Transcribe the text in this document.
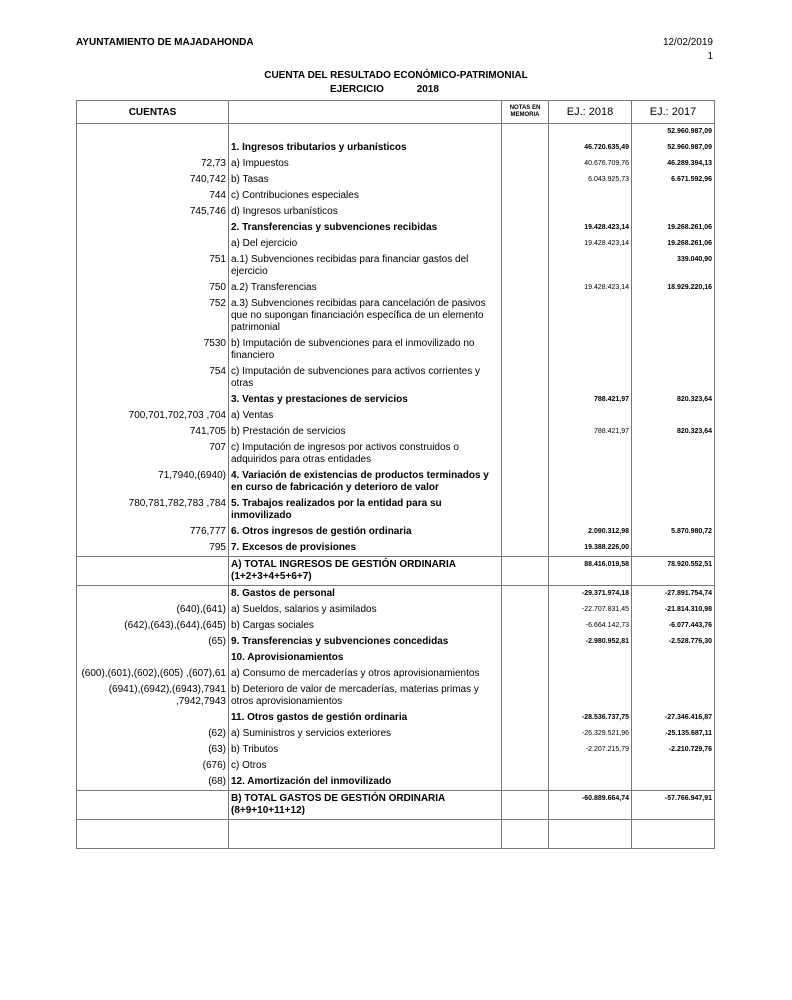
AYUNTAMIENTO DE MAJADAHONDA	12/02/2019
1
CUENTA DEL RESULTADO ECONÓMICO-PATRIMONIAL
EJERCICIO	2018
CUENTAS		NOTAS EN MEMORIA	EJ.: 2018	EJ.: 2017
				52.960.987,09
	1. Ingresos tributarios y urbanísticos		46.720.635,49	52.960.987,09
72,73	a) Impuestos		40.676.709,76	46.289.394,13
740,742	b) Tasas		6.043.925,73	6.671.592,96
744	c) Contribuciones especiales			
745,746	d) Ingresos urbanísticos			
	2. Transferencias y subvenciones recibidas		19.428.423,14	19.268.261,06
	a) Del ejercicio		19.428.423,14	19.268.261,06
751	a.1) Subvenciones recibidas para financiar gastos del ejercicio			339.040,90
750	a.2) Transferencias		19.428.423,14	18.929.220,16
752	a.3) Subvenciones recibidas para cancelación de pasivos que no supongan financiación específica de un elemento patrimonial			
7530	b) Imputación de subvenciones para el inmovilizado no financiero			
754	c) Imputación de subvenciones para activos corrientes y otras			
	3. Ventas y prestaciones de servicios		788.421,97	820.323,64
700,701,702,703 ,704	a) Ventas			
741,705	b) Prestación de servicios		788.421,97	820.323,64
707	c) Imputación de ingresos por activos construidos o adquiridos para otras entidades			
71,7940,(6940)	4. Variación de existencias de productos terminados y en curso de fabricación y deterioro de valor			
780,781,782,783 ,784	5. Trabajos realizados por la entidad para su inmovilizado			
776,777	6. Otros ingresos de gestión ordinaria		2.090.312,98	5.870.980,72
795	7. Excesos de provisiones		19.388.226,00	
	A) TOTAL INGRESOS DE GESTIÓN ORDINARIA (1+2+3+4+5+6+7)		88.416.019,58	78.920.552,51
	8. Gastos de personal		-29.371.974,18	-27.891.754,74
(640),(641)	a) Sueldos, salarios y asimilados		-22.707.831,45	-21.814.310,98
(642),(643),(644),(645)	b) Cargas sociales		-6.664.142,73	-6.077.443,76
(65)	9. Transferencias y subvenciones concedidas		-2.980.952,81	-2.528.776,30
	10. Aprovisionamientos			
(600),(601),(602),(605) ,(607),61	a) Consumo de mercaderías y otros aprovisionamientos			
(6941),(6942),(6943),7941 ,7942,7943	b) Deterioro de valor de mercaderías, materias primas y otros aprovisionamientos			
	11. Otros gastos de gestión ordinaria		-28.536.737,75	-27.346.416,87
(62)	a) Suministros y servicios exteriores		-26.329.521,96	-25.135.687,11
(63)	b) Tributos		-2.207.215,79	-2.210.729,76
(676)	c) Otros			
(68)	12. Amortización del inmovilizado			
	B) TOTAL GASTOS DE GESTIÓN ORDINARIA (8+9+10+11+12)		-60.889.664,74	-57.766.947,91
